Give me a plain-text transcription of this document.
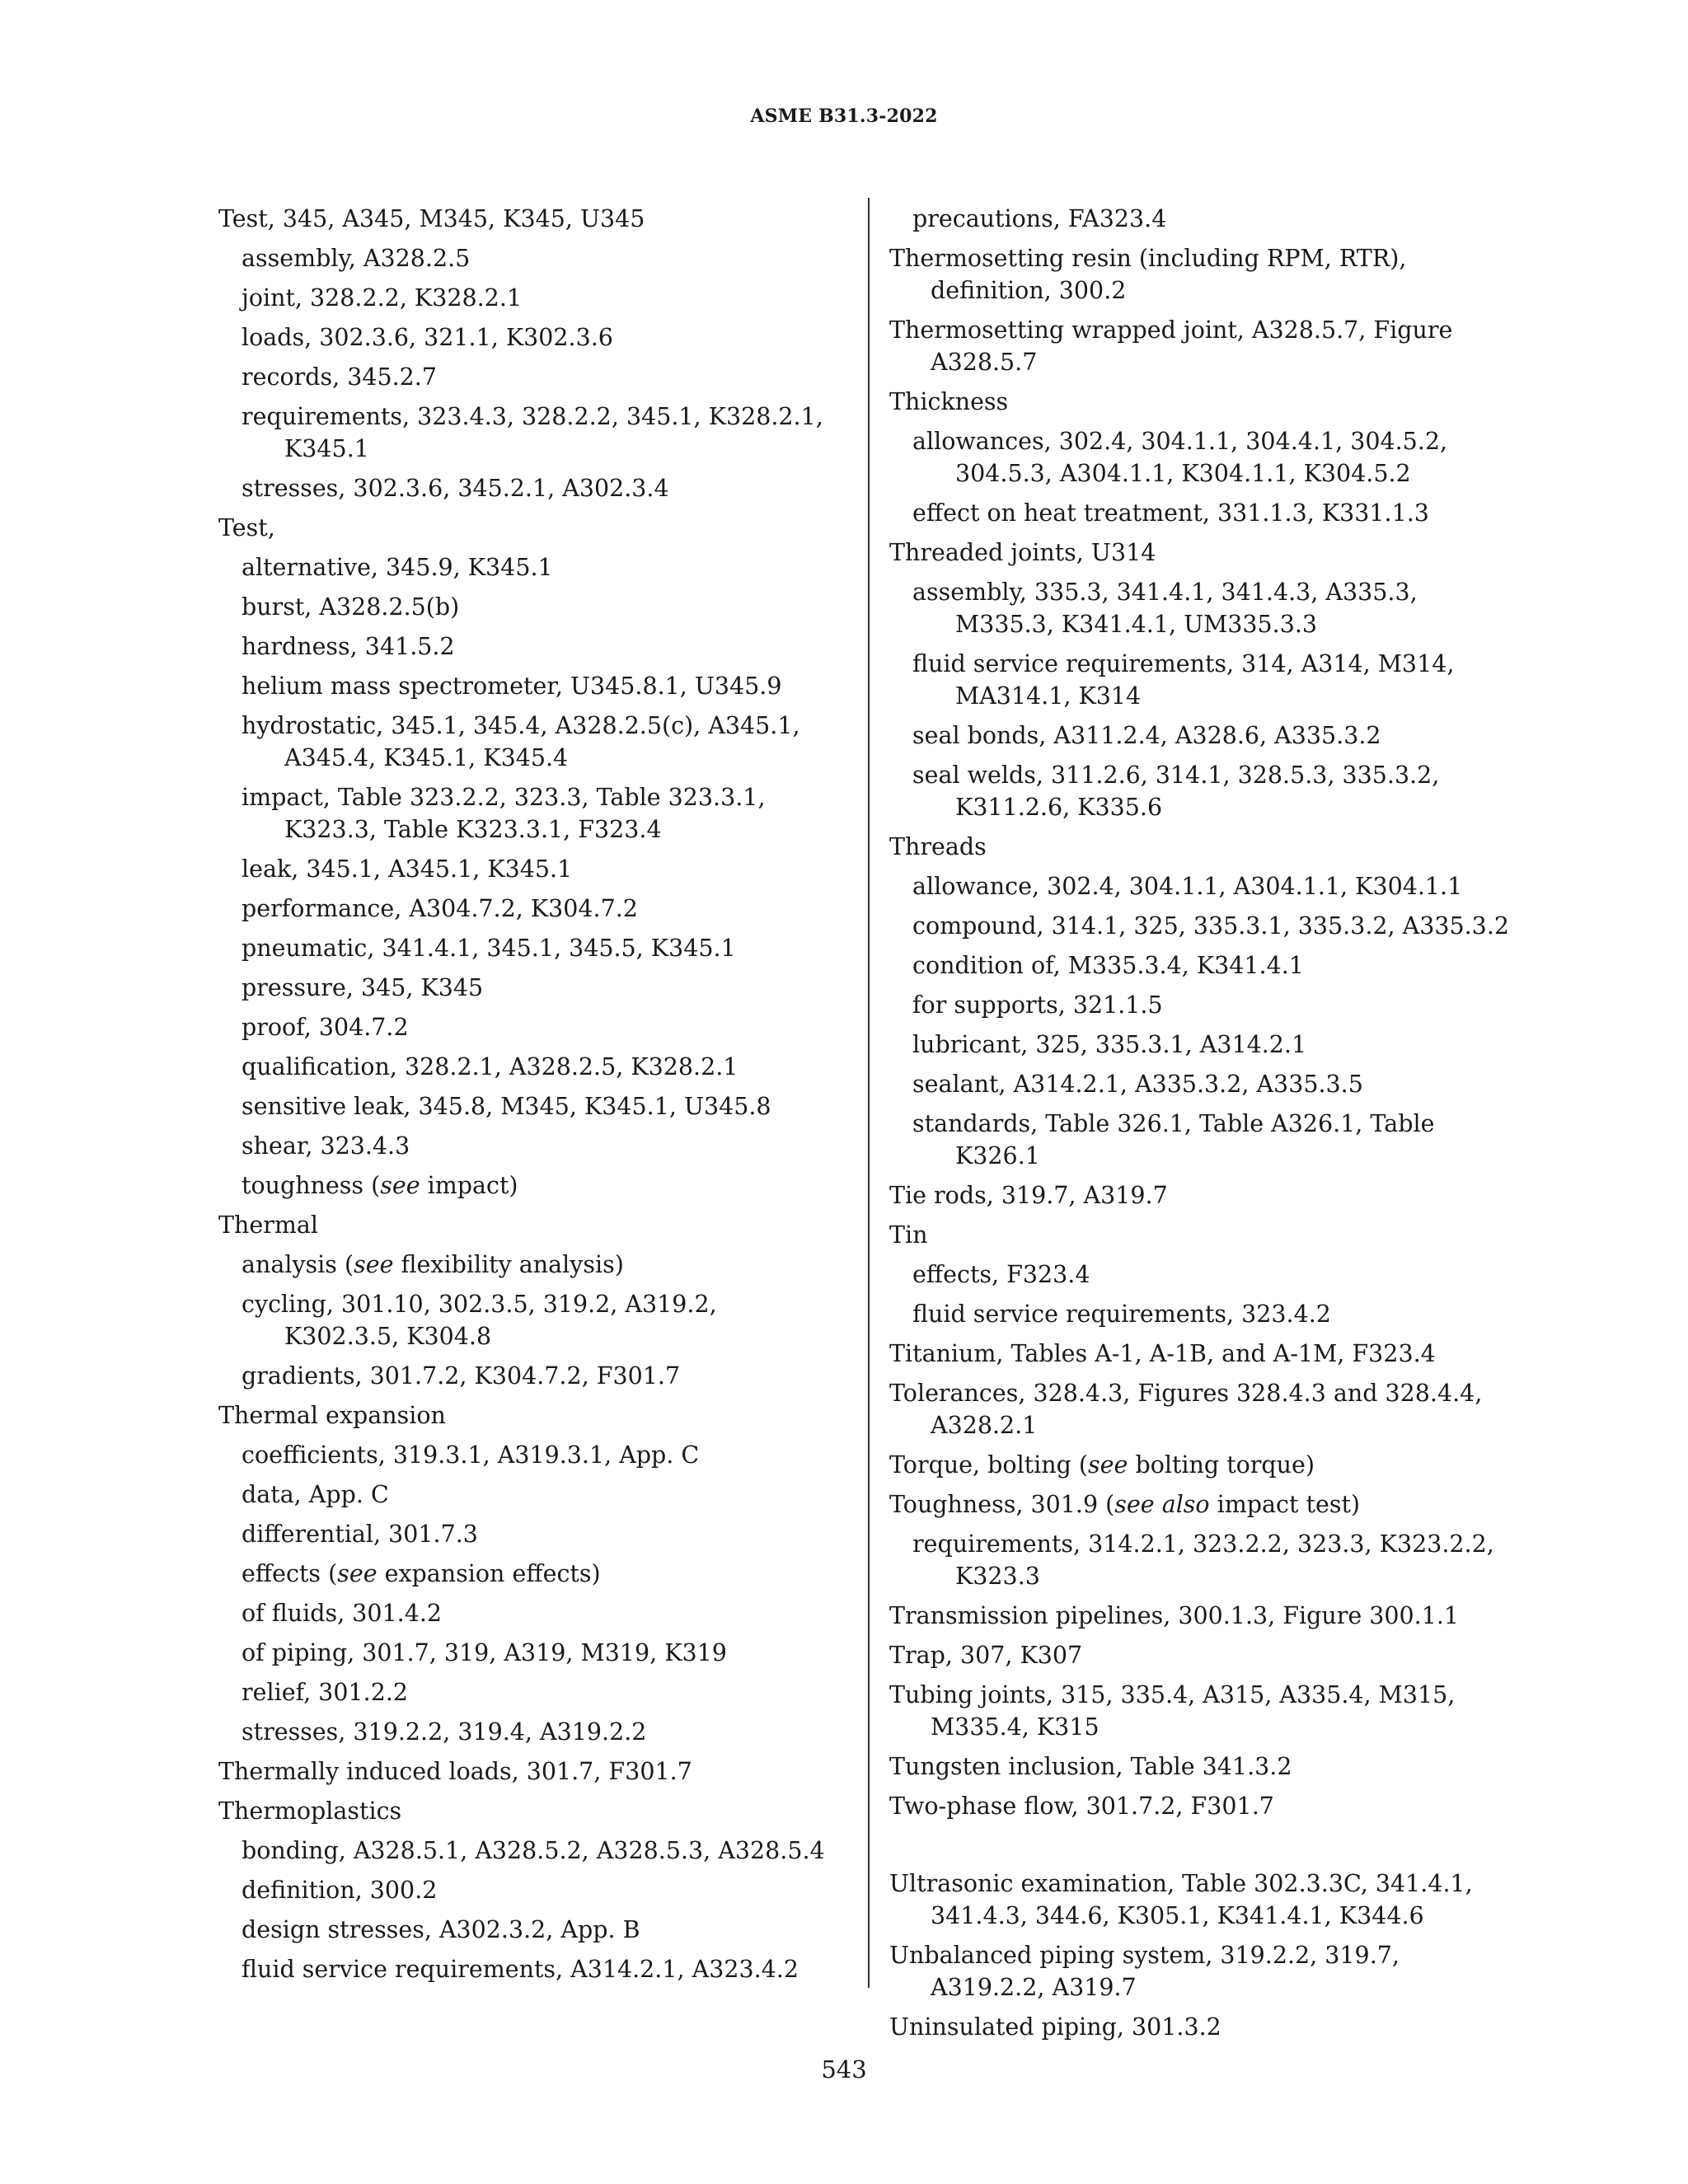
ASME B31.3-2022
Test, 345, A345, M345, K345, U345
assembly, A328.2.5
joint, 328.2.2, K328.2.1
loads, 302.3.6, 321.1, K302.3.6
records, 345.2.7
requirements, 323.4.3, 328.2.2, 345.1, K328.2.1, K345.1
stresses, 302.3.6, 345.2.1, A302.3.4
Test,
alternative, 345.9, K345.1
burst, A328.2.5(b)
hardness, 341.5.2
helium mass spectrometer, U345.8.1, U345.9
hydrostatic, 345.1, 345.4, A328.2.5(c), A345.1, A345.4, K345.1, K345.4
impact, Table 323.2.2, 323.3, Table 323.3.1, K323.3, Table K323.3.1, F323.4
leak, 345.1, A345.1, K345.1
performance, A304.7.2, K304.7.2
pneumatic, 341.4.1, 345.1, 345.5, K345.1
pressure, 345, K345
proof, 304.7.2
qualification, 328.2.1, A328.2.5, K328.2.1
sensitive leak, 345.8, M345, K345.1, U345.8
shear, 323.4.3
toughness (see impact)
Thermal
analysis (see flexibility analysis)
cycling, 301.10, 302.3.5, 319.2, A319.2, K302.3.5, K304.8
gradients, 301.7.2, K304.7.2, F301.7
Thermal expansion
coefficients, 319.3.1, A319.3.1, App. C
data, App. C
differential, 301.7.3
effects (see expansion effects)
of fluids, 301.4.2
of piping, 301.7, 319, A319, M319, K319
relief, 301.2.2
stresses, 319.2.2, 319.4, A319.2.2
Thermally induced loads, 301.7, F301.7
Thermoplastics
bonding, A328.5.1, A328.5.2, A328.5.3, A328.5.4
definition, 300.2
design stresses, A302.3.2, App. B
fluid service requirements, A314.2.1, A323.4.2
precautions, FA323.4
Thermosetting resin (including RPM, RTR), definition, 300.2
Thermosetting wrapped joint, A328.5.7, Figure A328.5.7
Thickness
allowances, 302.4, 304.1.1, 304.4.1, 304.5.2, 304.5.3, A304.1.1, K304.1.1, K304.5.2
effect on heat treatment, 331.1.3, K331.1.3
Threaded joints, U314
assembly, 335.3, 341.4.1, 341.4.3, A335.3, M335.3, K341.4.1, UM335.3.3
fluid service requirements, 314, A314, M314, MA314.1, K314
seal bonds, A311.2.4, A328.6, A335.3.2
seal welds, 311.2.6, 314.1, 328.5.3, 335.3.2, K311.2.6, K335.6
Threads
allowance, 302.4, 304.1.1, A304.1.1, K304.1.1
compound, 314.1, 325, 335.3.1, 335.3.2, A335.3.2
condition of, M335.3.4, K341.4.1
for supports, 321.1.5
lubricant, 325, 335.3.1, A314.2.1
sealant, A314.2.1, A335.3.2, A335.3.5
standards, Table 326.1, Table A326.1, Table K326.1
Tie rods, 319.7, A319.7
Tin
effects, F323.4
fluid service requirements, 323.4.2
Titanium, Tables A-1, A-1B, and A-1M, F323.4
Tolerances, 328.4.3, Figures 328.4.3 and 328.4.4, A328.2.1
Torque, bolting (see bolting torque)
Toughness, 301.9 (see also impact test)
requirements, 314.2.1, 323.2.2, 323.3, K323.2.2, K323.3
Transmission pipelines, 300.1.3, Figure 300.1.1
Trap, 307, K307
Tubing joints, 315, 335.4, A315, A335.4, M315, M335.4, K315
Tungsten inclusion, Table 341.3.2
Two-phase flow, 301.7.2, F301.7
Ultrasonic examination, Table 302.3.3C, 341.4.1, 341.4.3, 344.6, K305.1, K341.4.1, K344.6
Unbalanced piping system, 319.2.2, 319.7, A319.2.2, A319.7
Uninsulated piping, 301.3.2
543
